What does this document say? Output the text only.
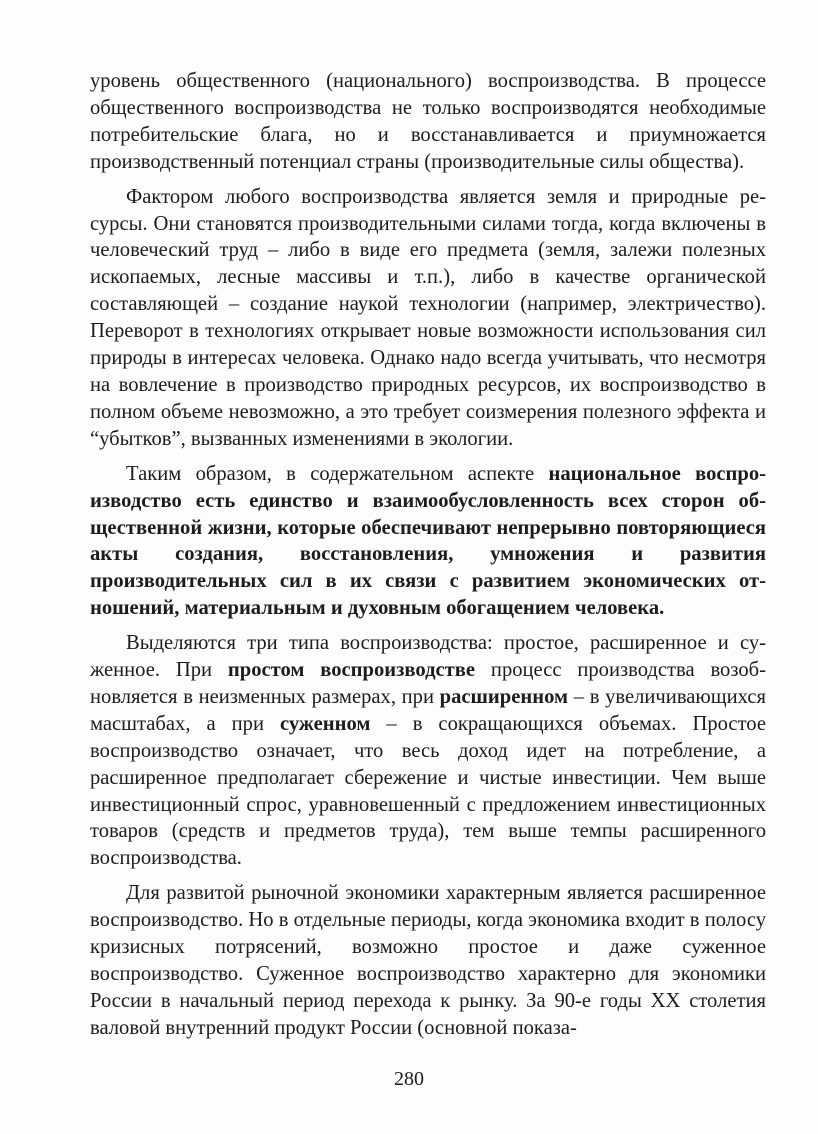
уровень общественного (национального) воспроизводства. В процессе общественного воспроизводства не только воспроизводятся необходимые потребительские блага, но и восстанавливается и приумножается производственный потенциал страны (производительные силы общества).

Фактором любого воспроизводства является земля и природные ресурсы. Они становятся производительными силами тогда, когда включены в человеческий труд – либо в виде его предмета (земля, залежи полезных ископаемых, лесные массивы и т.п.), либо в качестве органической составляющей – создание наукой технологии (например, электричество). Переворот в технологиях открывает новые возможности использования сил природы в интересах человека. Однако надо всегда учитывать, что несмотря на вовлечение в производство природных ресурсов, их воспроизводство в полном объеме невозможно, а это требует соизмерения полезного эффекта и “убытков”, вызванных изменениями в экологии.

Таким образом, в содержательном аспекте национальное воспроизводство есть единство и взаимообусловленность всех сторон общественной жизни, которые обеспечивают непрерывно повторяющиеся акты создания, восстановления, умножения и развития производительных сил в их связи с развитием экономических отношений, материальным и духовным обогащением человека.

Выделяются три типа воспроизводства: простое, расширенное и суженное. При простом воспроизводстве процесс производства возобновляется в неизменных размерах, при расширенном – в увеличивающихся масштабах, а при суженном – в сокращающихся объемах. Простое воспроизводство означает, что весь доход идет на потребление, а расширенное предполагает сбережение и чистые инвестиции. Чем выше инвестиционный спрос, уравновешенный с предложением инвестиционных товаров (средств и предметов труда), тем выше темпы расширенного воспроизводства.

Для развитой рыночной экономики характерным является расширенное воспроизводство. Но в отдельные периоды, когда экономика входит в полосу кризисных потрясений, возможно простое и даже суженное воспроизводство. Суженное воспроизводство характерно для экономики России в начальный период перехода к рынку. За 90-е годы XX столетия валовой внутренний продукт России (основной показа-

280
